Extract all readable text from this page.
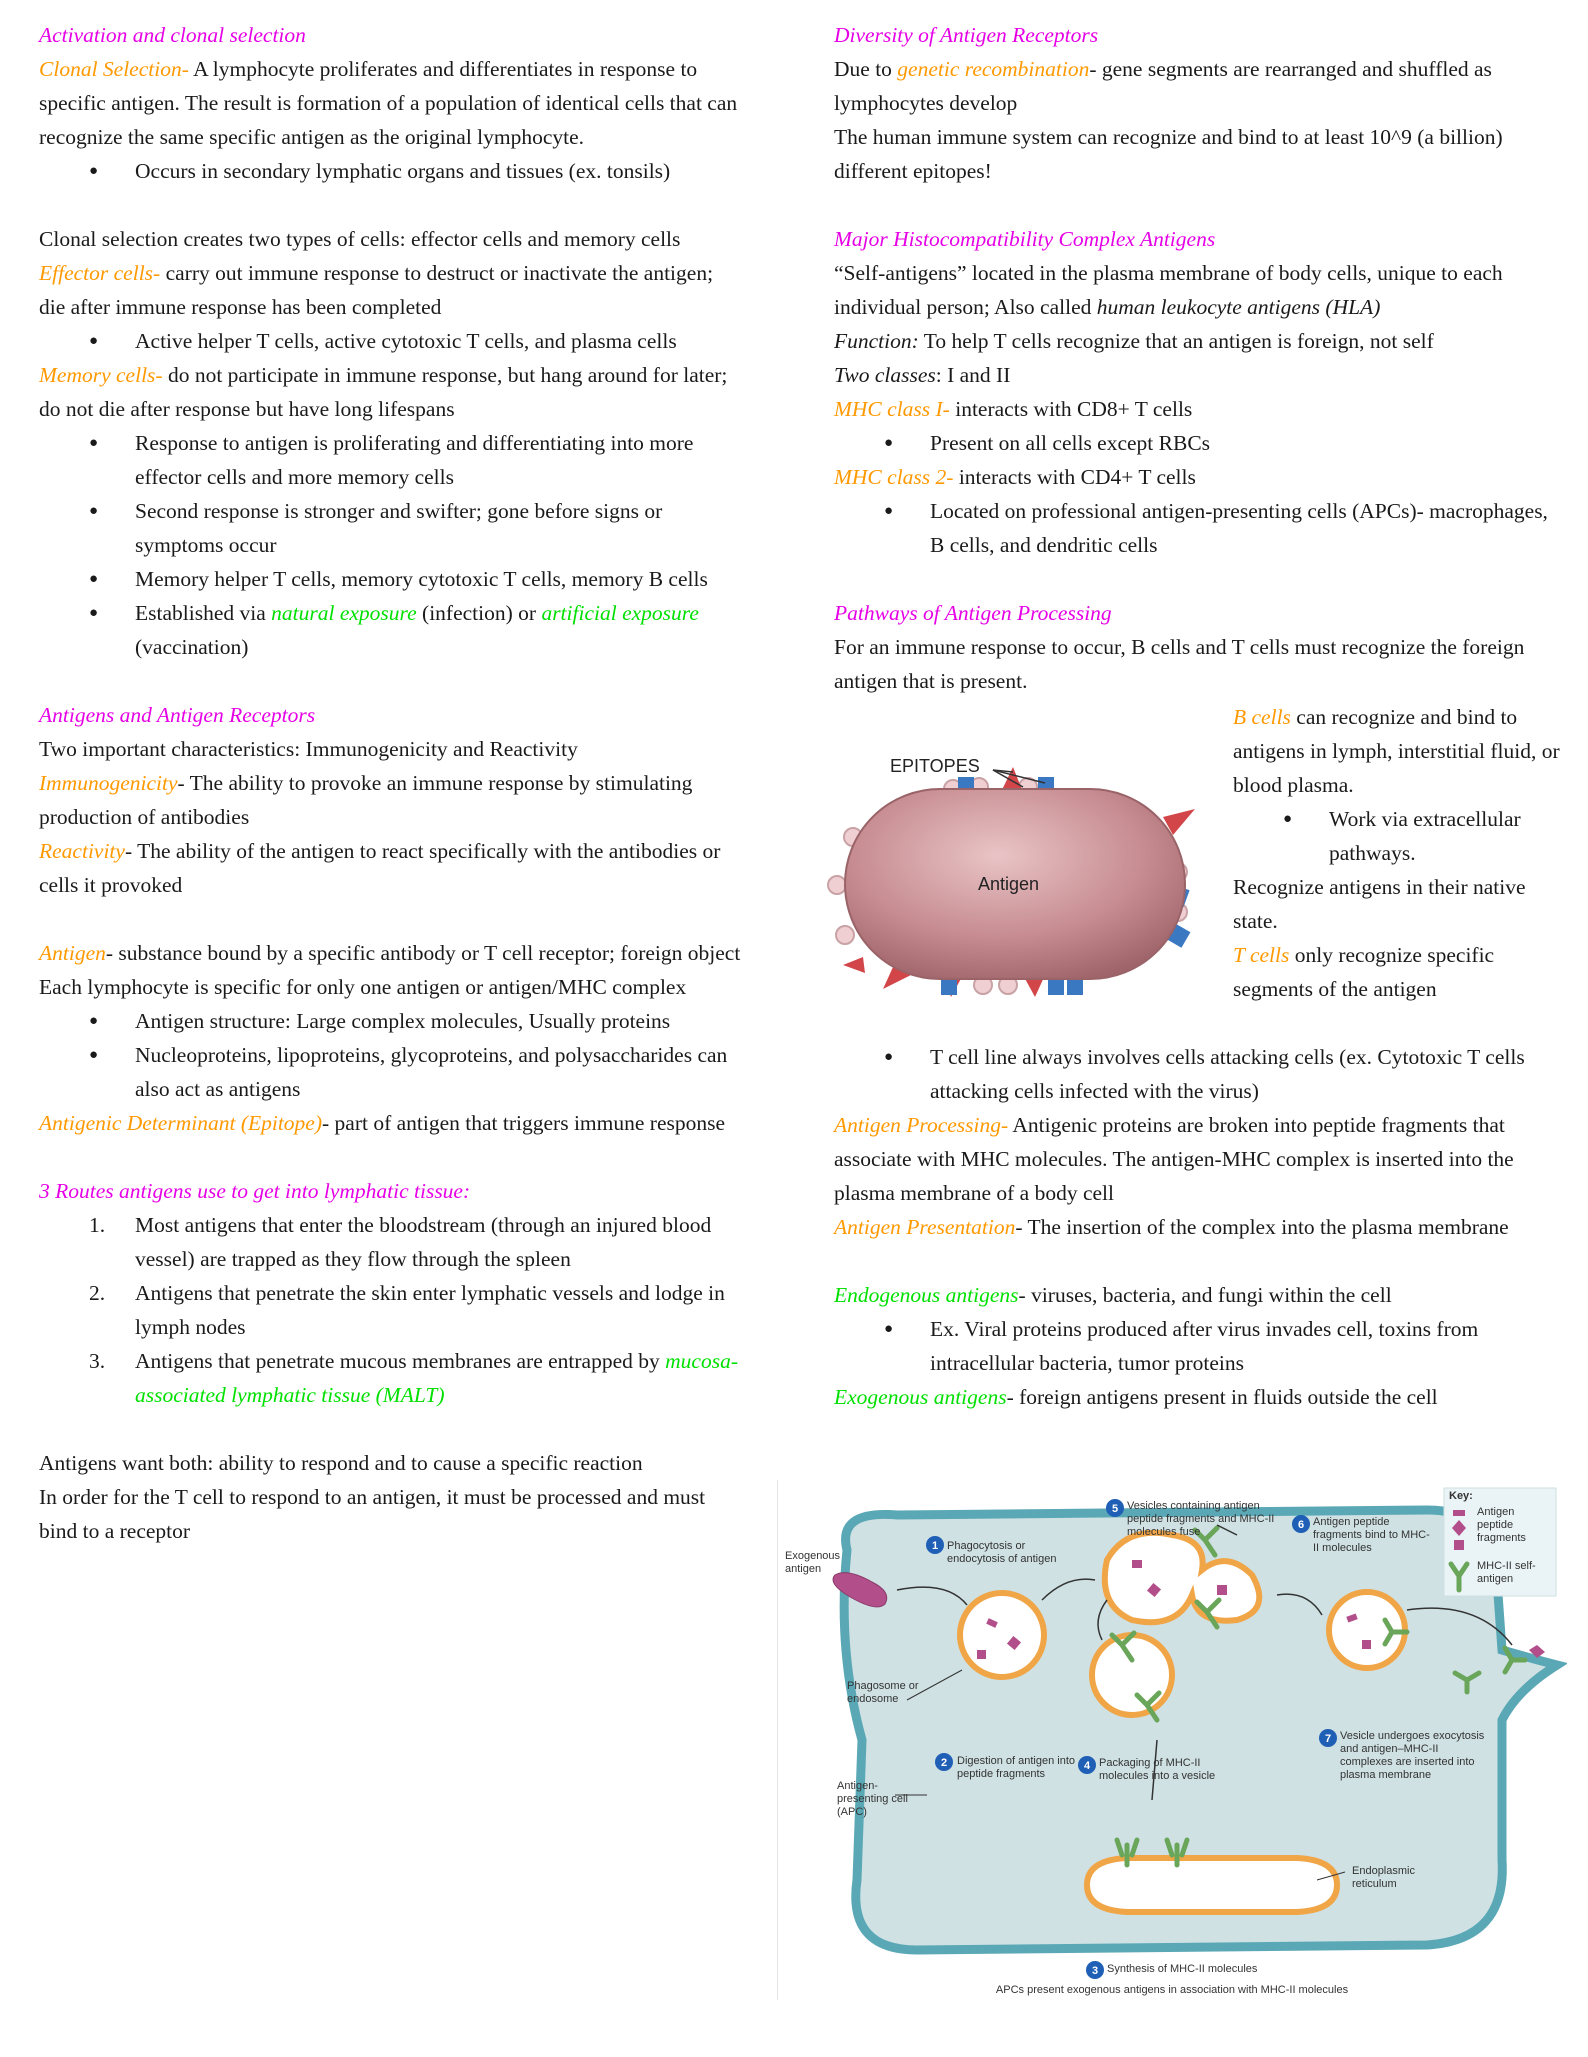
Activation and clonal selection

Clonal Selection- A lymphocyte proliferates and differentiates in response to specific antigen. The result is formation of a population of identical cells that can recognize the same specific antigen as the original lymphocyte.

● Occurs in secondary lymphatic organs and tissues (ex. tonsils)

Clonal selection creates two types of cells: effector cells and memory cells

Effector cells- carry out immune response to destruct or inactivate the antigen; die after immune response has been completed

● Active helper T cells, active cytotoxic T cells, and plasma cells

Memory cells- do not participate in immune response, but hang around for later; do not die after response but have long lifespans

● Response to antigen is proliferating and differentiating into more effector cells and more memory cells
● Second response is stronger and swifter; gone before signs or symptoms occur
● Memory helper T cells, memory cytotoxic T cells, memory B cells
● Established via natural exposure (infection) or artificial exposure (vaccination)

Antigens and Antigen Receptors

Two important characteristics: Immunogenicity and Reactivity

Immunogenicity- The ability to provoke an immune response by stimulating production of antibodies

Reactivity- The ability of the antigen to react specifically with the antibodies or cells it provoked

Antigen- substance bound by a specific antibody or T cell receptor; foreign object

Each lymphocyte is specific for only one antigen or antigen/MHC complex

● Antigen structure: Large complex molecules, Usually proteins
● Nucleoproteins, lipoproteins, glycoproteins, and polysaccharides can also act as antigens

Antigenic Determinant (Epitope)- part of antigen that triggers immune response

3 Routes antigens use to get into lymphatic tissue:

1. Most antigens that enter the bloodstream (through an injured blood vessel) are trapped as they flow through the spleen
2. Antigens that penetrate the skin enter lymphatic vessels and lodge in lymph nodes
3. Antigens that penetrate mucous membranes are entrapped by mucosa-associated lymphatic tissue (MALT)

Antigens want both: ability to respond and to cause a specific reaction

In order for the T cell to respond to an antigen, it must be processed and must bind to a receptor

Diversity of Antigen Receptors

Due to genetic recombination- gene segments are rearranged and shuffled as lymphocytes develop

The human immune system can recognize and bind to at least 10^9 (a billion) different epitopes!

Major Histocompatibility Complex Antigens

“Self-antigens” located in the plasma membrane of body cells, unique to each individual person; Also called human leukocyte antigens (HLA)

Function: To help T cells recognize that an antigen is foreign, not self

Two classes: I and II

MHC class I- interacts with CD8+ T cells

● Present on all cells except RBCs

MHC class 2- interacts with CD4+ T cells

● Located on professional antigen-presenting cells (APCs)- macrophages, B cells, and dendritic cells

Pathways of Antigen Processing

For an immune response to occur, B cells and T cells must recognize the foreign antigen that is present.

EPITOPES
Antigen

B cells can recognize and bind to antigens in lymph, interstitial fluid, or blood plasma.

● Work via extracellular pathways.

Recognize antigens in their native state.

T cells only recognize specific segments of the antigen

● T cell line always involves cells attacking cells (ex. Cytotoxic T cells attacking cells infected with the virus)

Antigen Processing- Antigenic proteins are broken into peptide fragments that associate with MHC molecules. The antigen-MHC complex is inserted into the plasma membrane of a body cell

Antigen Presentation- The insertion of the complex into the plasma membrane

Endogenous antigens- viruses, bacteria, and fungi within the cell

● Ex. Viral proteins produced after virus invades cell, toxins from intracellular bacteria, tumor proteins

Exogenous antigens- foreign antigens present in fluids outside the cell

1
2
3
4
5
6
7
Exogenous antigen
Phagocytosis or endocytosis of antigen
Phagosome or endosome
Digestion of antigen into peptide fragments
Antigen-presenting cell (APC)
Packaging of MHC-II molecules into a vesicle
Vesicles containing antigen peptide fragments and MHC-II molecules fuse
Antigen peptide fragments bind to MHC-II molecules
Vesicle undergoes exocytosis and antigen–MHC-II complexes are inserted into plasma membrane
Endoplasmic reticulum
Synthesis of MHC-II molecules
Key:
Antigen peptide fragments
MHC-II self-antigen
APCs present exogenous antigens in association with MHC-II molecules
